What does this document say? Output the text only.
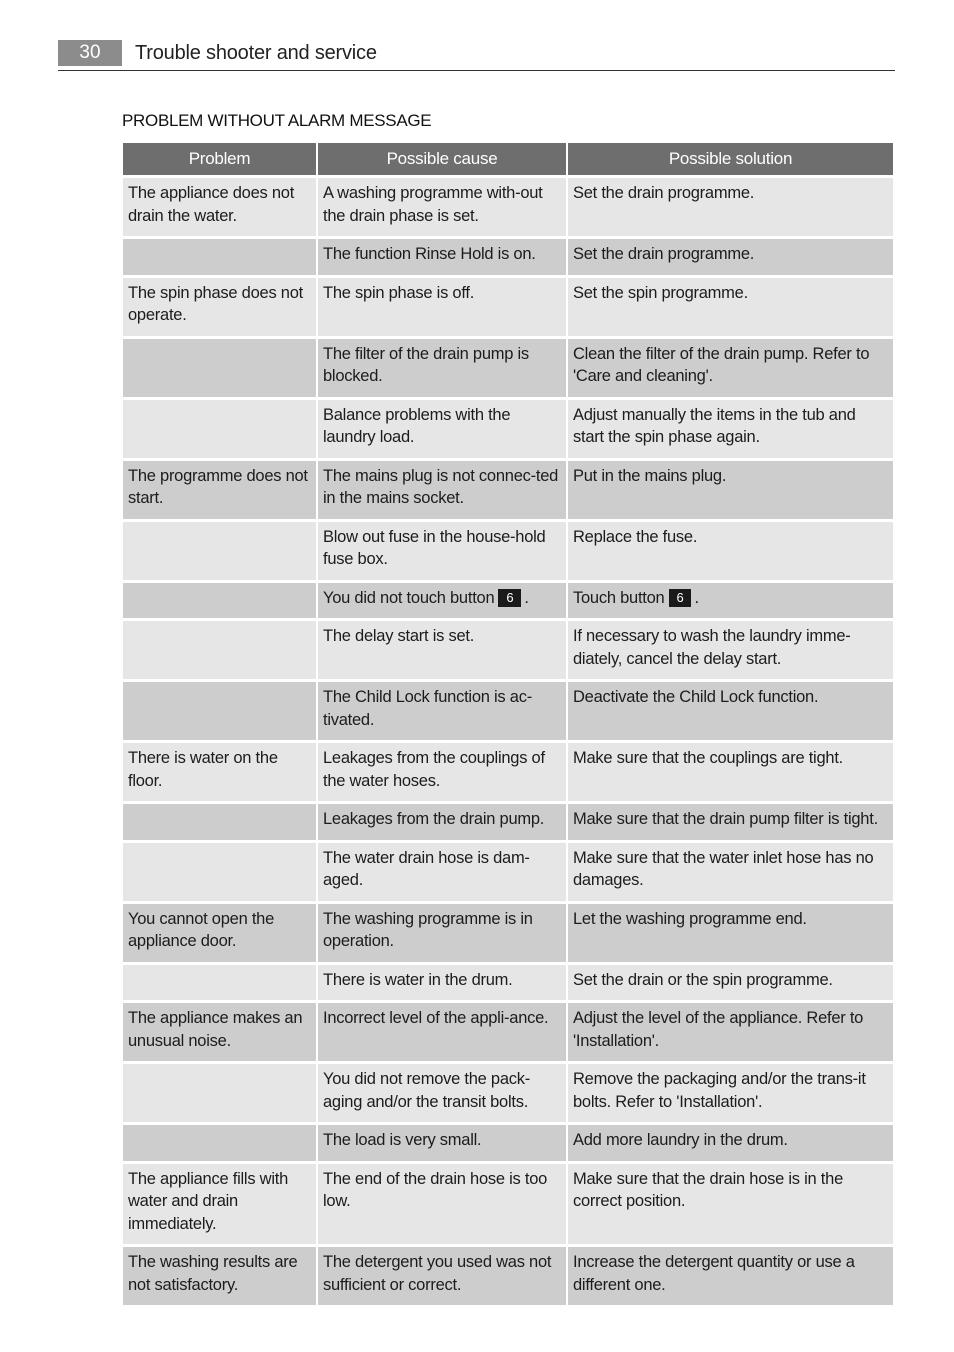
30	Trouble shooter and service
PROBLEM WITHOUT ALARM MESSAGE
Problem	Possible cause	Possible solution
The appliance does not drain the water.	A washing programme with-out the drain phase is set.	Set the drain programme.
	The function Rinse Hold is on.	Set the drain programme.
The spin phase does not operate.	The spin phase is off.	Set the spin programme.
	The filter of the drain pump is blocked.	Clean the filter of the drain pump. Refer to 'Care and cleaning'.
	Balance problems with the laundry load.	Adjust manually the items in the tub and start the spin phase again.
The programme does not start.	The mains plug is not connec-ted in the mains socket.	Put in the mains plug.
	Blow out fuse in the house-hold fuse box.	Replace the fuse.
	You did not touch button 6 .	Touch button 6 .
	The delay start is set.	If necessary to wash the laundry imme-diately, cancel the delay start.
	The Child Lock function is ac-tivated.	Deactivate the Child Lock function.
There is water on the floor.	Leakages from the couplings of the water hoses.	Make sure that the couplings are tight.
	Leakages from the drain pump.	Make sure that the drain pump filter is tight.
	The water drain hose is dam-aged.	Make sure that the water inlet hose has no damages.
You cannot open the appliance door.	The washing programme is in operation.	Let the washing programme end.
	There is water in the drum.	Set the drain or the spin programme.
The appliance makes an unusual noise.	Incorrect level of the appli-ance.	Adjust the level of the appliance. Refer to 'Installation'.
	You did not remove the pack-aging and/or the transit bolts.	Remove the packaging and/or the trans-it bolts. Refer to 'Installation'.
	The load is very small.	Add more laundry in the drum.
The appliance fills with water and drain immediately.	The end of the drain hose is too low.	Make sure that the drain hose is in the correct position.
The washing results are not satisfactory.	The detergent you used was not sufficient or correct.	Increase the detergent quantity or use a different one.
